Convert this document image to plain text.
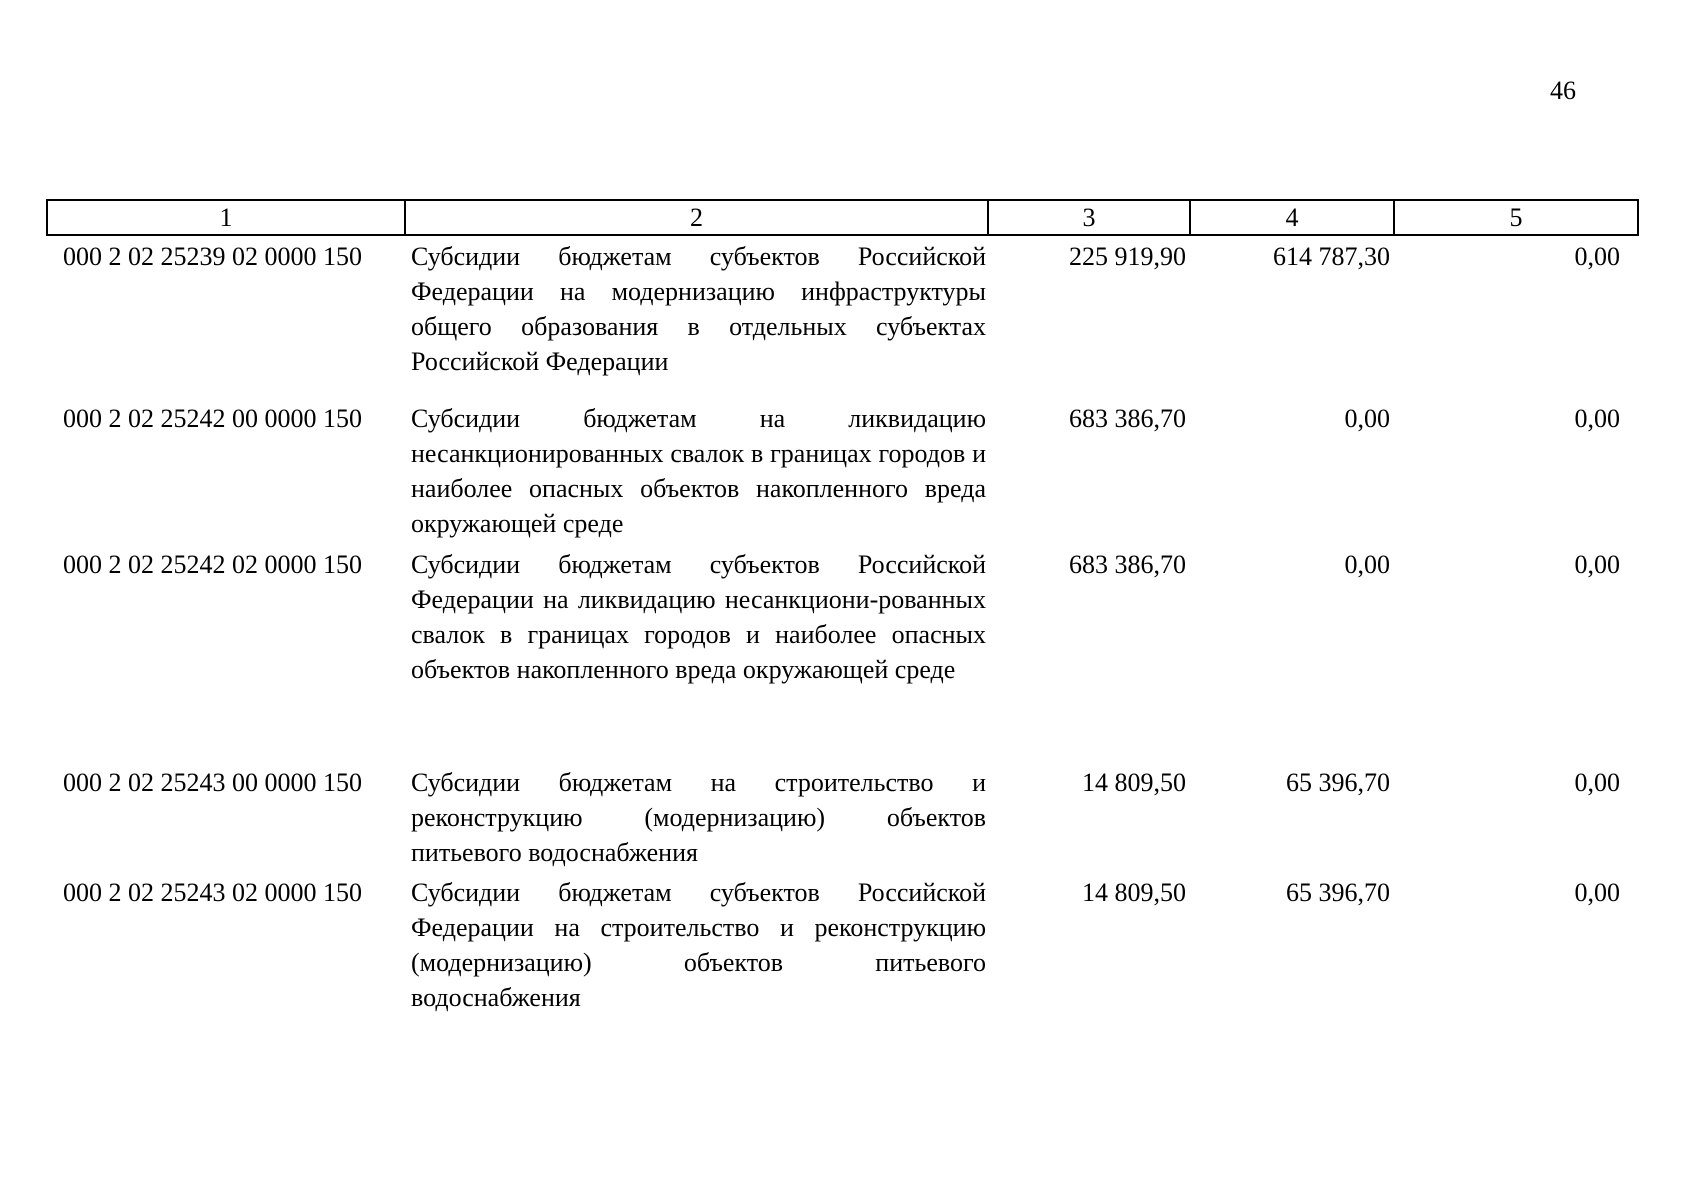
46
1	2	3	4	5
000 2 02 25239 02 0000 150	Субсидии бюджетам субъектов Российской Федерации на модернизацию инфраструктуры общего образования в отдельных субъектах Российской Федерации	225 919,90	614 787,30	0,00
000 2 02 25242 00 0000 150	Субсидии бюджетам на ликвидацию несанкционированных свалок в границах городов и наиболее опасных объектов накопленного вреда окружающей среде	683 386,70	0,00	0,00
000 2 02 25242 02 0000 150	Субсидии бюджетам субъектов Российской Федерации на ликвидацию несанкциони-рованных свалок в границах городов и наиболее опасных объектов накопленного вреда окружающей среде	683 386,70	0,00	0,00
000 2 02 25243 00 0000 150	Субсидии бюджетам на строительство и реконструкцию (модернизацию) объектов питьевого водоснабжения	14 809,50	65 396,70	0,00
000 2 02 25243 02 0000 150	Субсидии бюджетам субъектов Российской Федерации на строительство и реконструкцию (модернизацию) объектов питьевого водоснабжения	14 809,50	65 396,70	0,00
